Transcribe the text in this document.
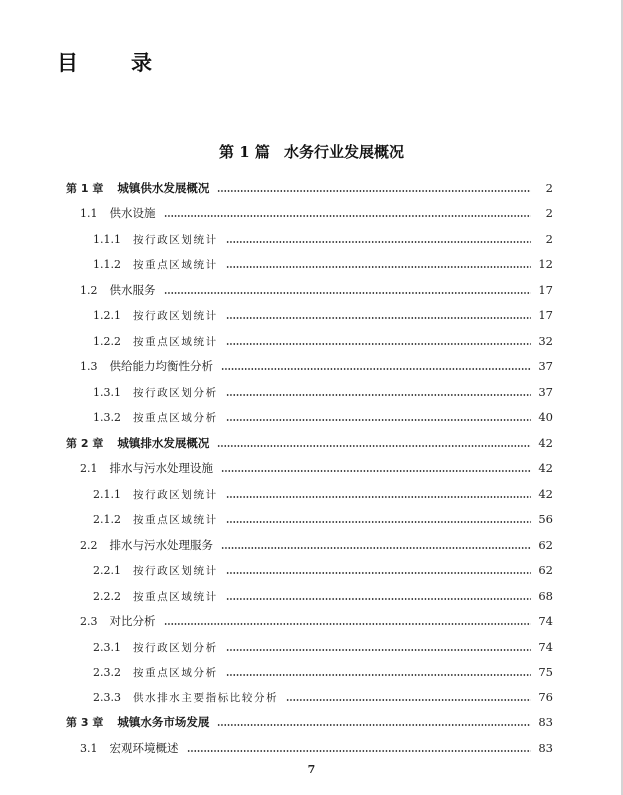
目　录
第 1 篇 水务行业发展概况
第 1 章 城镇供水发展概况	2
1.1 供水设施	2
1.1.1 按行政区划统计	2
1.1.2 按重点区域统计	12
1.2 供水服务	17
1.2.1 按行政区划统计	17
1.2.2 按重点区域统计	32
1.3 供给能力均衡性分析	37
1.3.1 按行政区划分析	37
1.3.2 按重点区域分析	40
第 2 章 城镇排水发展概况	42
2.1 排水与污水处理设施	42
2.1.1 按行政区划统计	42
2.1.2 按重点区域统计	56
2.2 排水与污水处理服务	62
2.2.1 按行政区划统计	62
2.2.2 按重点区域统计	68
2.3 对比分析	74
2.3.1 按行政区划分析	74
2.3.2 按重点区域分析	75
2.3.3 供水排水主要指标比较分析	76
第 3 章 城镇水务市场发展	83
3.1 宏观环境概述	83
7
